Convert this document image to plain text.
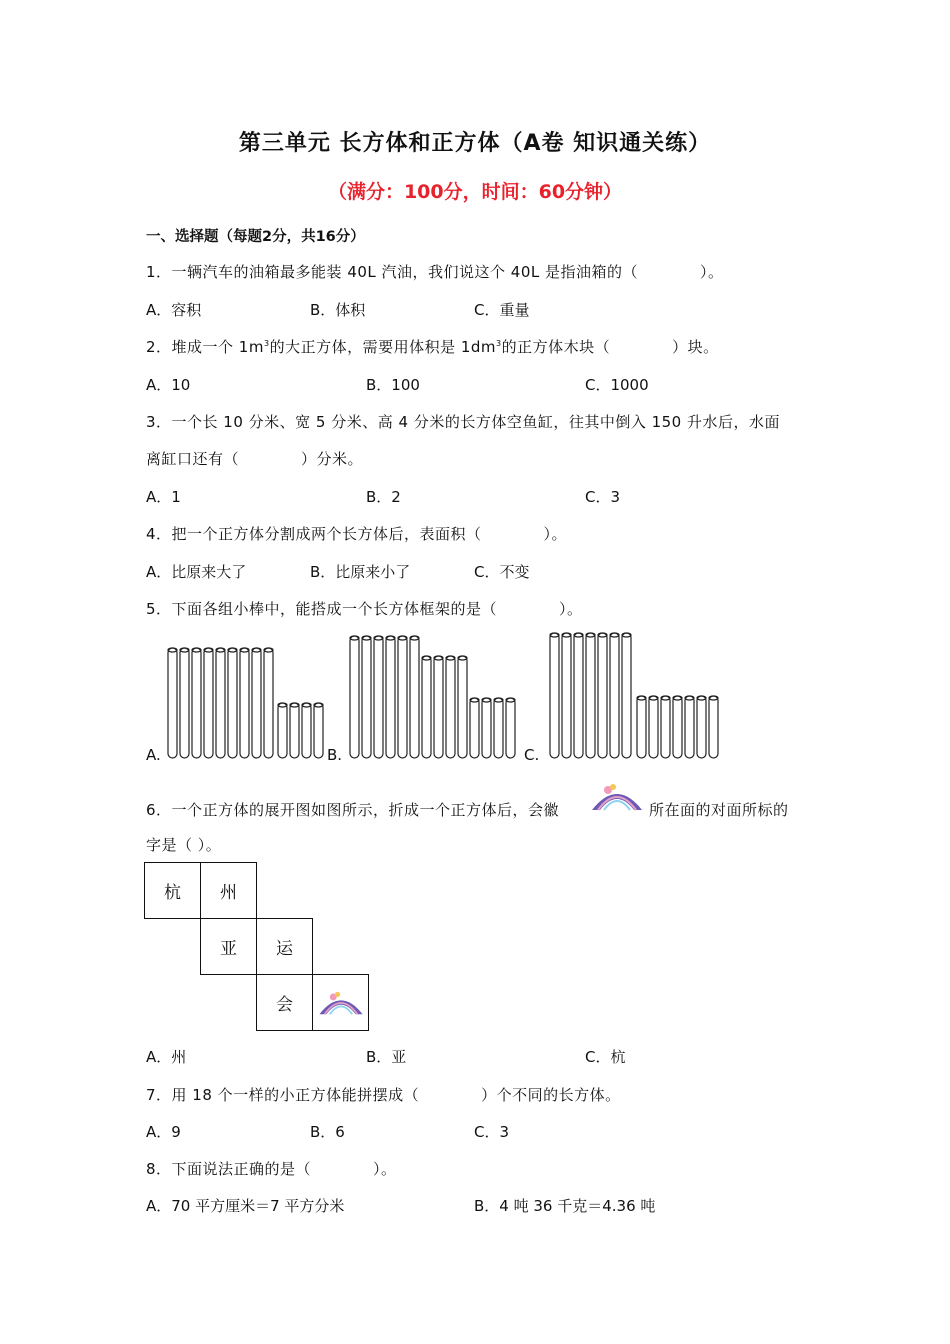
第三单元 长方体和正方体（A卷 知识通关练）
（满分：100分，时间：60分钟）
一、选择题（每题2分，共16分）
1．一辆汽车的油箱最多能装 40L 汽油，我们说这个 40L 是指油箱的（　　　　）。
A．容积	B．体积	C．重量
2．堆成一个 $1m^3$的大正方体，需要用体积是 $1dm^3$的正方体木块（　　　　）块。
A．10	B．100	C．1000
3．一个长 10 分米、宽 5 分米、高 4 分米的长方体空鱼缸，往其中倒入 150 升水后，水面
离缸口还有（　　　　）分米。
A．1	B．2	C．3
4．把一个正方体分割成两个长方体后，表面积（　　　　）。
A．比原来大了	B．比原来小了	C．不变
5．下面各组小棒中，能搭成一个长方体框架的是（　　　　）。
A.	B.	C.
6．一个正方体的展开图如图所示，折成一个正方体后，会徽	所在面的对面所标的
字是（ ）。
杭	州		
	亚	运	
		会	
A．州	B．亚	C．杭
7．用 18 个一样的小正方体能拼摆成（　　　　）个不同的长方体。
A．9	B．6	C．3
8．下面说法正确的是（　　　　）。
A．70 平方厘米＝7 平方分米	B．4 吨 36 千克＝4.36 吨
